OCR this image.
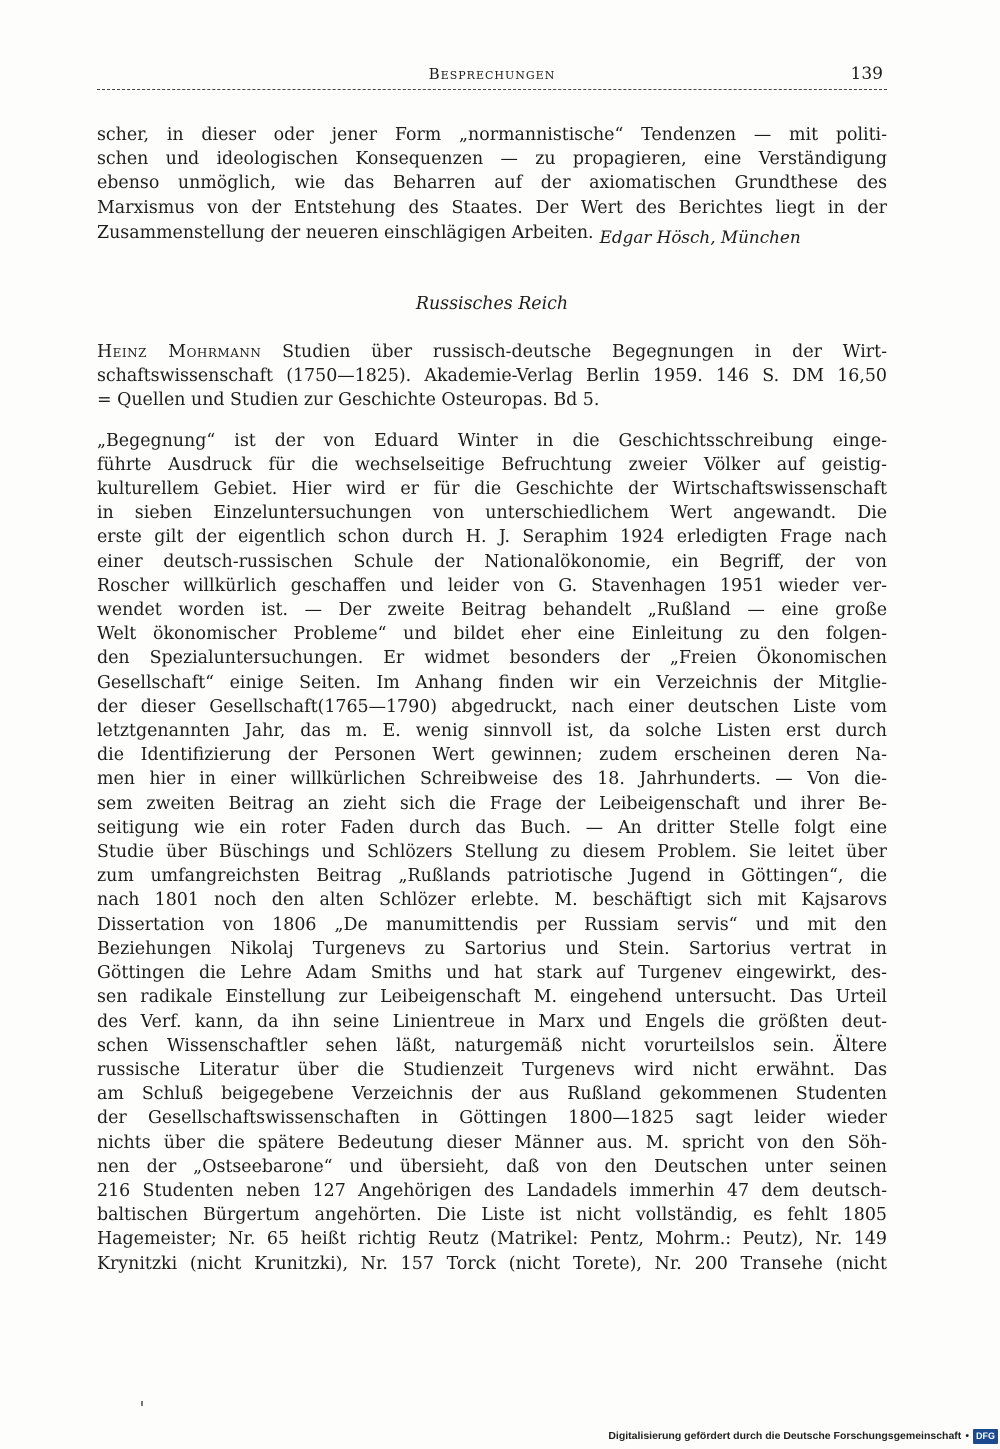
Besprechungen	139
scher, in dieser oder jener Form „normannistische“ Tendenzen — mit politi-
schen und ideologischen Konsequenzen — zu propagieren, eine Verständigung
ebenso unmöglich, wie das Beharren auf der axiomatischen Grundthese des
Marxismus von der Entstehung des Staates. Der Wert des Berichtes liegt in der
Zusammenstellung der neueren einschlägigen Arbeiten. Edgar Hösch, München
Russisches Reich
Heinz Mohrmann Studien über russisch-deutsche Begegnungen in der Wirt-
schaftswissenschaft (1750—1825). Akademie-Verlag Berlin 1959. 146 S. DM 16,50
= Quellen und Studien zur Geschichte Osteuropas. Bd 5.
„Begegnung“ ist der von Eduard Winter in die Geschichtsschreibung einge-
führte Ausdruck für die wechselseitige Befruchtung zweier Völker auf geistig-
kulturellem Gebiet. Hier wird er für die Geschichte der Wirtschaftswissenschaft
in sieben Einzeluntersuchungen von unterschiedlichem Wert angewandt. Die
erste gilt der eigentlich schon durch H. J. Seraphim 1924 erledigten Frage nach
einer deutsch-russischen Schule der Nationalökonomie, ein Begriff, der von
Roscher willkürlich geschaffen und leider von G. Stavenhagen 1951 wieder ver-
wendet worden ist. — Der zweite Beitrag behandelt „Rußland — eine große
Welt ökonomischer Probleme“ und bildet eher eine Einleitung zu den folgen-
den Spezialuntersuchungen. Er widmet besonders der „Freien Ökonomischen
Gesellschaft“ einige Seiten. Im Anhang finden wir ein Verzeichnis der Mitglie-
der dieser Gesellschaft(1765—1790) abgedruckt, nach einer deutschen Liste vom
letztgenannten Jahr, das m. E. wenig sinnvoll ist, da solche Listen erst durch
die Identifizierung der Personen Wert gewinnen; zudem erscheinen deren Na-
men hier in einer willkürlichen Schreibweise des 18. Jahrhunderts. — Von die-
sem zweiten Beitrag an zieht sich die Frage der Leibeigenschaft und ihrer Be-
seitigung wie ein roter Faden durch das Buch. — An dritter Stelle folgt eine
Studie über Büschings und Schlözers Stellung zu diesem Problem. Sie leitet über
zum umfangreichsten Beitrag „Rußlands patriotische Jugend in Göttingen“, die
nach 1801 noch den alten Schlözer erlebte. M. beschäftigt sich mit Kajsarovs
Dissertation von 1806 „De manumittendis per Russiam servis“ und mit den
Beziehungen Nikolaj Turgenevs zu Sartorius und Stein. Sartorius vertrat in
Göttingen die Lehre Adam Smiths und hat stark auf Turgenev eingewirkt, des-
sen radikale Einstellung zur Leibeigenschaft M. eingehend untersucht. Das Urteil
des Verf. kann, da ihn seine Linientreue in Marx und Engels die größten deut-
schen Wissenschaftler sehen läßt, naturgemäß nicht vorurteilslos sein. Ältere
russische Literatur über die Studienzeit Turgenevs wird nicht erwähnt. Das
am Schluß beigegebene Verzeichnis der aus Rußland gekommenen Studenten
der Gesellschaftswissenschaften in Göttingen 1800—1825 sagt leider wieder
nichts über die spätere Bedeutung dieser Männer aus. M. spricht von den Söh-
nen der „Ostseebarone“ und übersieht, daß von den Deutschen unter seinen
216 Studenten neben 127 Angehörigen des Landadels immerhin 47 dem deutsch-
baltischen Bürgertum angehörten. Die Liste ist nicht vollständig, es fehlt 1805
Hagemeister; Nr. 65 heißt richtig Reutz (Matrikel: Pentz, Mohrm.: Peutz), Nr. 149
Krynitzki (nicht Krunitzki), Nr. 157 Torck (nicht Torete), Nr. 200 Transehe (nicht
Digitalisierung gefördert durch die Deutsche Forschungsgemeinschaft • DFG
